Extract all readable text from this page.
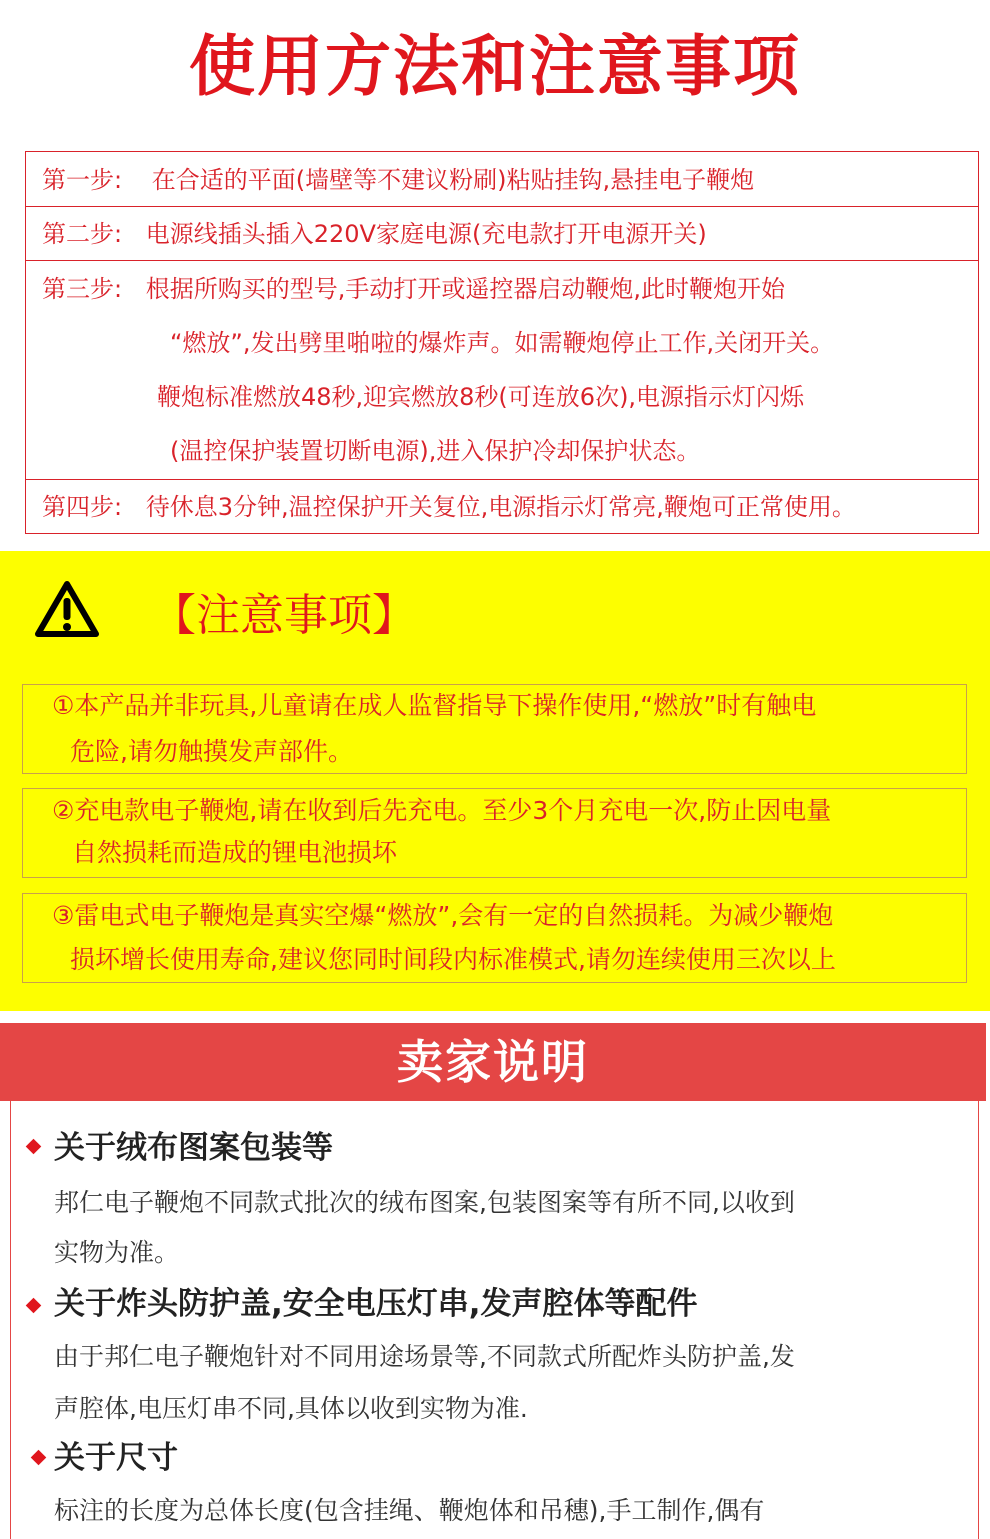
使用方法和注意事项
第一步: 在合适的平面(墙壁等不建议粉刷)粘贴挂钩,悬挂电子鞭炮
第二步: 电源线插头插入220V家庭电源(充电款打开电源开关)
第三步: 根据所购买的型号,手动打开或遥控器启动鞭炮,此时鞭炮开始
“燃放”,发出劈里啪啦的爆炸声。如需鞭炮停止工作,关闭开关。
鞭炮标准燃放48秒,迎宾燃放8秒(可连放6次),电源指示灯闪烁
(温控保护装置切断电源),进入保护冷却保护状态。
第四步: 待休息3分钟,温控保护开关复位,电源指示灯常亮,鞭炮可正常使用。
【注意事项】
①本产品并非玩具,儿童请在成人监督指导下操作使用,“燃放”时有触电
危险,请勿触摸发声部件。
②充电款电子鞭炮,请在收到后先充电。至少3个月充电一次,防止因电量
自然损耗而造成的锂电池损坏
③雷电式电子鞭炮是真实空爆“燃放”,会有一定的自然损耗。为减少鞭炮
损坏增长使用寿命,建议您同时间段内标准模式,请勿连续使用三次以上
卖家说明
关于绒布图案包装等
邦仁电子鞭炮不同款式批次的绒布图案,包装图案等有所不同,以收到
实物为准。
关于炸头防护盖,安全电压灯串,发声腔体等配件
由于邦仁电子鞭炮针对不同用途场景等,不同款式所配炸头防护盖,发
声腔体,电压灯串不同,具体以收到实物为准.
关于尺寸
标注的长度为总体长度(包含挂绳、鞭炮体和吊穗),手工制作,偶有
